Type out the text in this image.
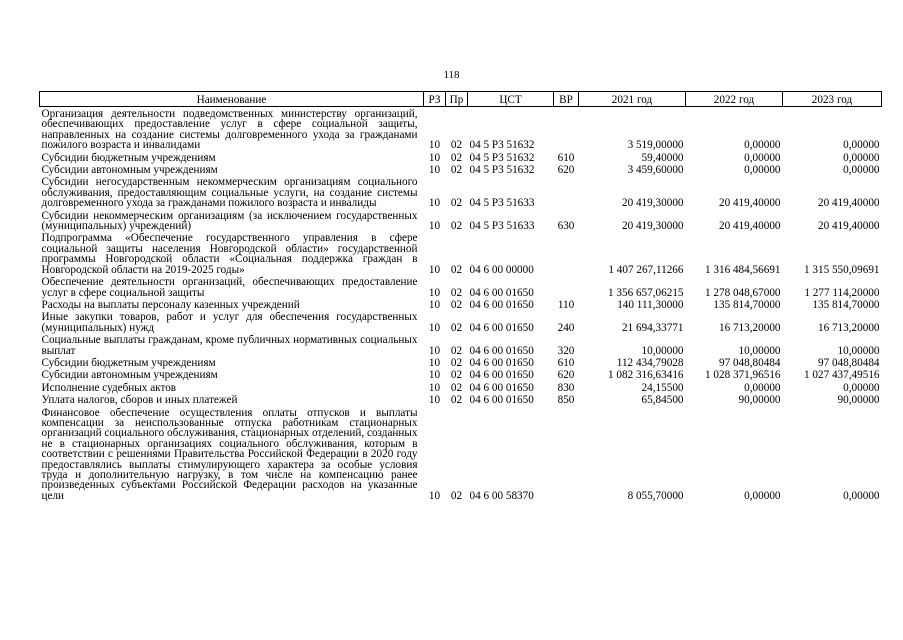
118
Наименование	РЗ	Пр	ЦСТ	ВР	2021 год	2022 год	2023 год
Организация деятельности подведомственных министерству организаций, обеспечивающих предоставление услуг в сфере социальной защиты, направленных на создание системы долговременного ухода за гражданами пожилого возраста и инвалидами	10	02	04 5 Р3 51632		3 519,00000	0,00000	0,00000
Субсидии бюджетным учреждениям	10	02	04 5 Р3 51632	610	59,40000	0,00000	0,00000
Субсидии автономным учреждениям	10	02	04 5 Р3 51632	620	3 459,60000	0,00000	0,00000
Субсидии негосударственным некоммерческим организациям социального обслуживания, предоставляющим социальные услуги, на создание системы долговременного ухода за гражданами пожилого возраста и инвалиды	10	02	04 5 Р3 51633		20 419,30000	20 419,40000	20 419,40000
Субсидии некоммерческим организациям (за исключением государственных (муниципальных) учреждений)	10	02	04 5 Р3 51633	630	20 419,30000	20 419,40000	20 419,40000
Подпрограмма «Обеспечение государственного управления в сфере социальной защиты населения Новгородской области» государственной программы Новгородской области «Социальная поддержка граждан в Новгородской области на 2019-2025 годы»	10	02	04 6 00 00000		1 407 267,11266	1 316 484,56691	1 315 550,09691
Обеспечение деятельности организаций, обеспечивающих предоставление услуг в сфере социальной защиты	10	02	04 6 00 01650		1 356 657,06215	1 278 048,67000	1 277 114,20000
Расходы на выплаты персоналу казенных учреждений	10	02	04 6 00 01650	110	140 111,30000	135 814,70000	135 814,70000
Иные закупки товаров, работ и услуг для обеспечения государственных (муниципальных) нужд	10	02	04 6 00 01650	240	21 694,33771	16 713,20000	16 713,20000
Социальные выплаты гражданам, кроме публичных нормативных социальных выплат	10	02	04 6 00 01650	320	10,00000	10,00000	10,00000
Субсидии бюджетным учреждениям	10	02	04 6 00 01650	610	112 434,79028	97 048,80484	97 048,80484
Субсидии автономным учреждениям	10	02	04 6 00 01650	620	1 082 316,63416	1 028 371,96516	1 027 437,49516
Исполнение судебных актов	10	02	04 6 00 01650	830	24,15500	0,00000	0,00000
Уплата налогов, сборов и иных платежей	10	02	04 6 00 01650	850	65,84500	90,00000	90,00000
Финансовое обеспечение осуществления оплаты отпусков и выплаты компенсации за неиспользованные отпуска работникам стационарных организаций социального обслуживания, стационарных отделений, созданных не в стационарных организациях социального обслуживания, которым в соответствии с решениями Правительства Российской Федерации в 2020 году предоставлялись выплаты стимулирующего характера за особые условия труда и дополнительную нагрузку, в том числе на компенсацию ранее произведенных субъектами Российской Федерации расходов на указанные цели	10	02	04 6 00 58370		8 055,70000	0,00000	0,00000
